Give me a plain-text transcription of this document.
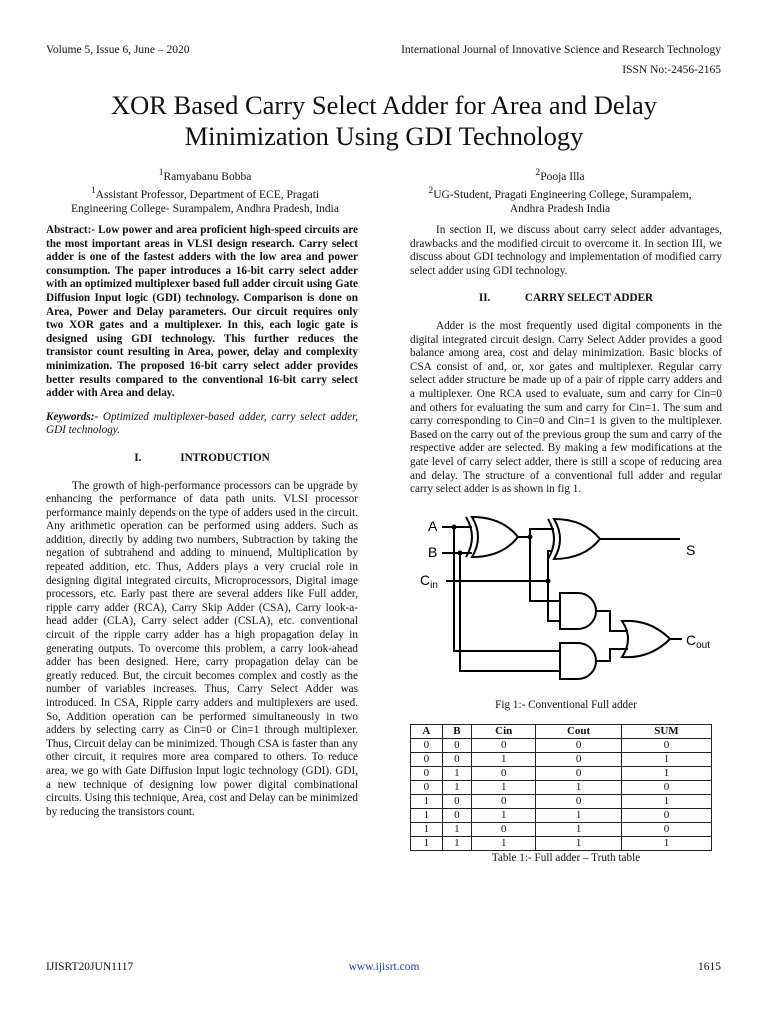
Volume 5, Issue 6, June – 2020	International Journal of Innovative Science and Research Technology
ISSN No:-2456-2165
XOR Based Carry Select Adder for Area and Delay
Minimization Using GDI Technology
$^1$Ramyabanu Bobba
$^1$Assistant Professor, Department of ECE, Pragati
Engineering College- Surampalem, Andhra Pradesh, India
$^2$Pooja Illa
$^2$UG-Student, Pragati Engineering College, Surampalem,
Andhra Pradesh India

Abstract:- Low power and area proficient high-speed circuits are the most important areas in VLSI design research. Carry select adder is one of the fastest adders with the low area and power consumption. The paper introduces a 16-bit carry select adder with an optimized multiplexer based full adder circuit using Gate Diffusion Input logic (GDI) technology. Comparison is done on Area, Power and Delay parameters. Our circuit requires only two XOR gates and a multiplexer. In this, each logic gate is designed using GDI technology. This further reduces the transistor count resulting in Area, power, delay and complexity minimization. The proposed 16-bit carry select adder provides better results compared to the conventional 16-bit carry select adder with Area and delay.

Keywords:- Optimized multiplexer-based adder, carry select adder, GDI technology.

I.	INTRODUCTION

The growth of high-performance processors can be upgrade by enhancing the performance of data path units. VLSI processor performance mainly depends on the type of adders used in the circuit. Any arithmetic operation can be performed using adders. Such as addition, directly by adding two numbers, Subtraction by taking the negation of subtrahend and adding to minuend, Multiplication by repeated addition, etc. Thus, Adders plays a very crucial role in designing digital integrated circuits, Microprocessors, Digital image processors, etc. Early past there are several adders like Full adder, ripple carry adder (RCA), Carry Skip Adder (CSA), Carry look-a-head adder (CLA), Carry select adder (CSLA), etc. conventional circuit of the ripple carry adder has a high propagation delay in generating outputs. To overcome this problem, a carry look-ahead adder has been designed. Here, carry propagation delay can be greatly reduced. But, the circuit becomes complex and costly as the number of variables increases. Thus, Carry Select Adder was introduced. In CSA, Ripple carry adders and multiplexers are used. So, Addition operation can be performed simultaneously in two adders by selecting carry as Cin=0 or Cin=1 through multiplexer. Thus, Circuit delay can be minimized. Though CSA is faster than any other circuit, it requires more area compared to others. To reduce area, we go with Gate Diffusion Input logic technology (GDI). GDI, a new technique of designing low power digital combinational circuits. Using this technique, Area, cost and Delay can be minimized by reducing the transistors count.

In section II, we discuss about carry select adder advantages, drawbacks and the modified circuit to overcome it. In section III, we discuss about GDI technology and implementation of modified carry select adder using GDI technology.

II.	CARRY SELECT ADDER

Adder is the most frequently used digital components in the digital integrated circuit design. Carry Select Adder provides a good balance among area, cost and delay minimization. Basic blocks of CSA consist of and, or, xor gates and multiplexer. Regular carry select adder structure be made up of a pair of ripple carry adders and a multiplexer. One RCA used to evaluate, sum and carry for Cin=0 and others for evaluating the sum and carry for Cin=1. The sum and carry corresponding to Cin=0 and Cin=1 is given to the multiplexer. Based on the carry out of the previous group the sum and carry of the respective adder are selected. By making a few modifications at the gate level of carry select adder, there is still a scope of reducing area and delay. The structure of a conventional full adder and regular carry select adder is as shown in fig 1.

A
B
$C_{in}$
S
$C_{out}$

Fig 1:- Conventional Full adder

A	B	Cin	Cout	SUM
0	0	0	0	0
0	0	1	0	1
0	1	0	0	1
0	1	1	1	0
1	0	0	0	1
1	0	1	1	0
1	1	0	1	0
1	1	1	1	1

Table 1:- Full adder – Truth table

IJISRT20JUN1117	www.ijisrt.com	1615
